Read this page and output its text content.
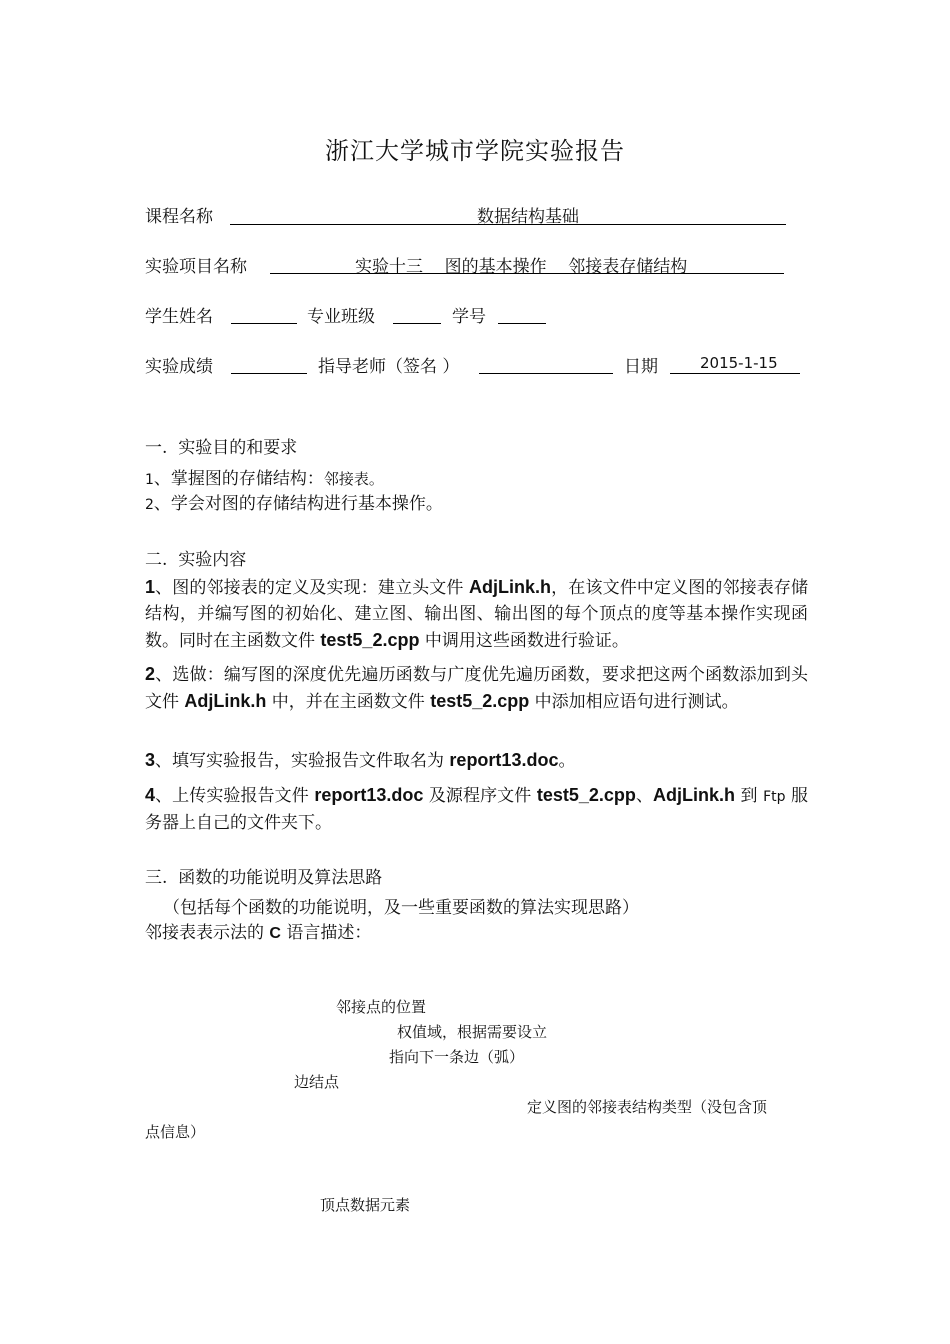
浙江大学城市学院实验报告
课程名称	数据结构基础
实验项目名称	实验十三    图的基本操作    邻接表存储结构
学生姓名	专业班级	学号
实验成绩	指导老师（签名 ）	日期	2015-1-15
一.  实验目的和要求
1、掌握图的存储结构：邻接表。
2、学会对图的存储结构进行基本操作。
二.  实验内容
1、图的邻接表的定义及实现：建立头文件 AdjLink.h，在该文件中定义图的邻接表存储结构，并编写图的初始化、建立图、输出图、输出图的每个顶点的度等基本操作实现函数。同时在主函数文件 test5_2.cpp 中调用这些函数进行验证。
2、选做：编写图的深度优先遍历函数与广度优先遍历函数，要求把这两个函数添加到头文件 AdjLink.h 中，并在主函数文件 test5_2.cpp 中添加相应语句进行测试。
3、填写实验报告，实验报告文件取名为 report13.doc。
4、上传实验报告文件 report13.doc 及源程序文件 test5_2.cpp、AdjLink.h 到 Ftp 服务器上自己的文件夹下。
三.  函数的功能说明及算法思路
（包括每个函数的功能说明，及一些重要函数的算法实现思路）
邻接表表示法的 C 语言描述：
邻接点的位置
权值域，根据需要设立
指向下一条边（弧）
边结点
定义图的邻接表结构类型（没包含顶
点信息）
顶点数据元素
